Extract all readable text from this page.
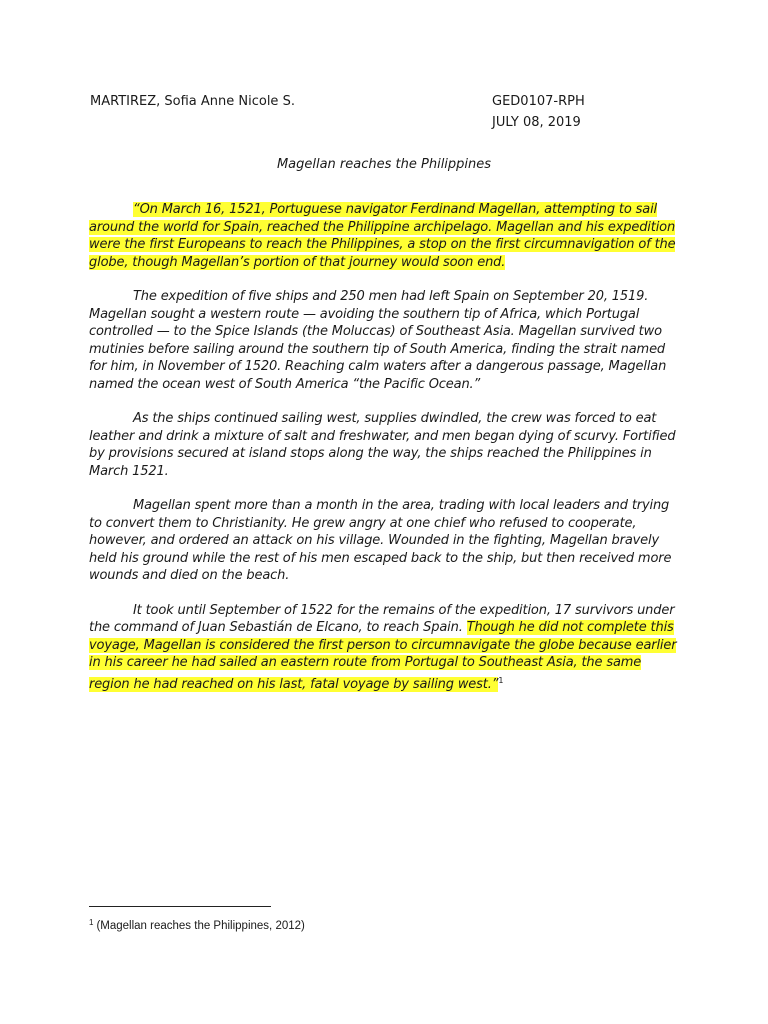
MARTIREZ, Sofia Anne Nicole S.	GED0107-RPH
JULY 08, 2019
Magellan reaches the Philippines

“On March 16, 1521, Portuguese navigator Ferdinand Magellan, attempting to sail around the world for Spain, reached the Philippine archipelago. Magellan and his expedition were the first Europeans to reach the Philippines, a stop on the first circumnavigation of the globe, though Magellan’s portion of that journey would soon end.

The expedition of five ships and 250 men had left Spain on September 20, 1519. Magellan sought a western route — avoiding the southern tip of Africa, which Portugal controlled — to the Spice Islands (the Moluccas) of Southeast Asia. Magellan survived two mutinies before sailing around the southern tip of South America, finding the strait named for him, in November of 1520. Reaching calm waters after a dangerous passage, Magellan named the ocean west of South America “the Pacific Ocean.”

As the ships continued sailing west, supplies dwindled, the crew was forced to eat leather and drink a mixture of salt and freshwater, and men began dying of scurvy. Fortified by provisions secured at island stops along the way, the ships reached the Philippines in March 1521.

Magellan spent more than a month in the area, trading with local leaders and trying to convert them to Christianity. He grew angry at one chief who refused to cooperate, however, and ordered an attack on his village. Wounded in the fighting, Magellan bravely held his ground while the rest of his men escaped back to the ship, but then received more wounds and died on the beach.

It took until September of 1522 for the remains of the expedition, 17 survivors under the command of Juan Sebastián de Elcano, to reach Spain. Though he did not complete this voyage, Magellan is considered the first person to circumnavigate the globe because earlier in his career he had sailed an eastern route from Portugal to Southeast Asia, the same region he had reached on his last, fatal voyage by sailing west.”$^1$

$^1$ (Magellan reaches the Philippines, 2012)
